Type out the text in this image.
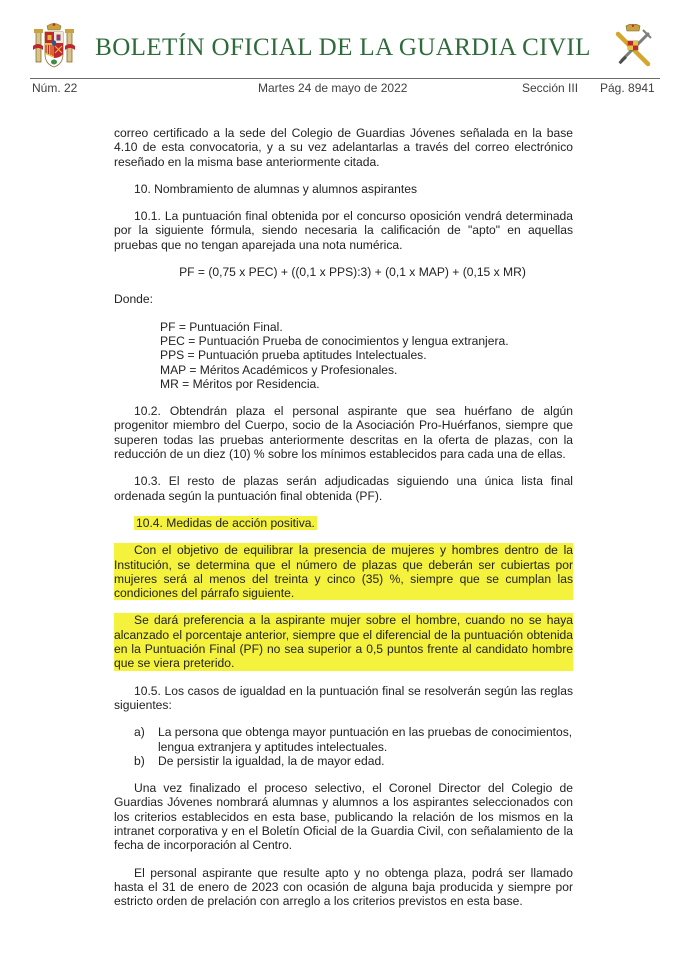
BOLETÍN OFICIAL DE LA GUARDIA CIVIL
Núm. 22	Martes 24 de mayo de 2022	Sección III Pág. 8941

correo certificado a la sede del Colegio de Guardias Jóvenes señalada en la base 4.10 de esta convocatoria, y a su vez adelantarlas a través del correo electrónico reseñado en la misma base anteriormente citada.

10. Nombramiento de alumnas y alumnos aspirantes

10.1. La puntuación final obtenida por el concurso oposición vendrá determinada por la siguiente fórmula, siendo necesaria la calificación de "apto" en aquellas pruebas que no tengan aparejada una nota numérica.

PF = (0,75 x PEC) + ((0,1 x PPS):3) + (0,1 x MAP) + (0,15 x MR)

Donde:

PF = Puntuación Final.
PEC = Puntuación Prueba de conocimientos y lengua extranjera.
PPS = Puntuación prueba aptitudes Intelectuales.
MAP = Méritos Académicos y Profesionales.
MR = Méritos por Residencia.

10.2. Obtendrán plaza el personal aspirante que sea huérfano de algún progenitor miembro del Cuerpo, socio de la Asociación Pro-Huérfanos, siempre que superen todas las pruebas anteriormente descritas en la oferta de plazas, con la reducción de un diez (10) % sobre los mínimos establecidos para cada una de ellas.

10.3. El resto de plazas serán adjudicadas siguiendo una única lista final ordenada según la puntuación final obtenida (PF).

10.4. Medidas de acción positiva.

Con el objetivo de equilibrar la presencia de mujeres y hombres dentro de la Institución, se determina que el número de plazas que deberán ser cubiertas por mujeres será al menos del treinta y cinco (35) %, siempre que se cumplan las condiciones del párrafo siguiente.

Se dará preferencia a la aspirante mujer sobre el hombre, cuando no se haya alcanzado el porcentaje anterior, siempre que el diferencial de la puntuación obtenida en la Puntuación Final (PF) no sea superior a 0,5 puntos frente al candidato hombre que se viera preterido.

10.5. Los casos de igualdad en la puntuación final se resolverán según las reglas siguientes:

a) La persona que obtenga mayor puntuación en las pruebas de conocimientos, lengua extranjera y aptitudes intelectuales.
b) De persistir la igualdad, la de mayor edad.

Una vez finalizado el proceso selectivo, el Coronel Director del Colegio de Guardias Jóvenes nombrará alumnas y alumnos a los aspirantes seleccionados con los criterios establecidos en esta base, publicando la relación de los mismos en la intranet corporativa y en el Boletín Oficial de la Guardia Civil, con señalamiento de la fecha de incorporación al Centro.

El personal aspirante que resulte apto y no obtenga plaza, podrá ser llamado hasta el 31 de enero de 2023 con ocasión de alguna baja producida y siempre por estricto orden de prelación con arreglo a los criterios previstos en esta base.
